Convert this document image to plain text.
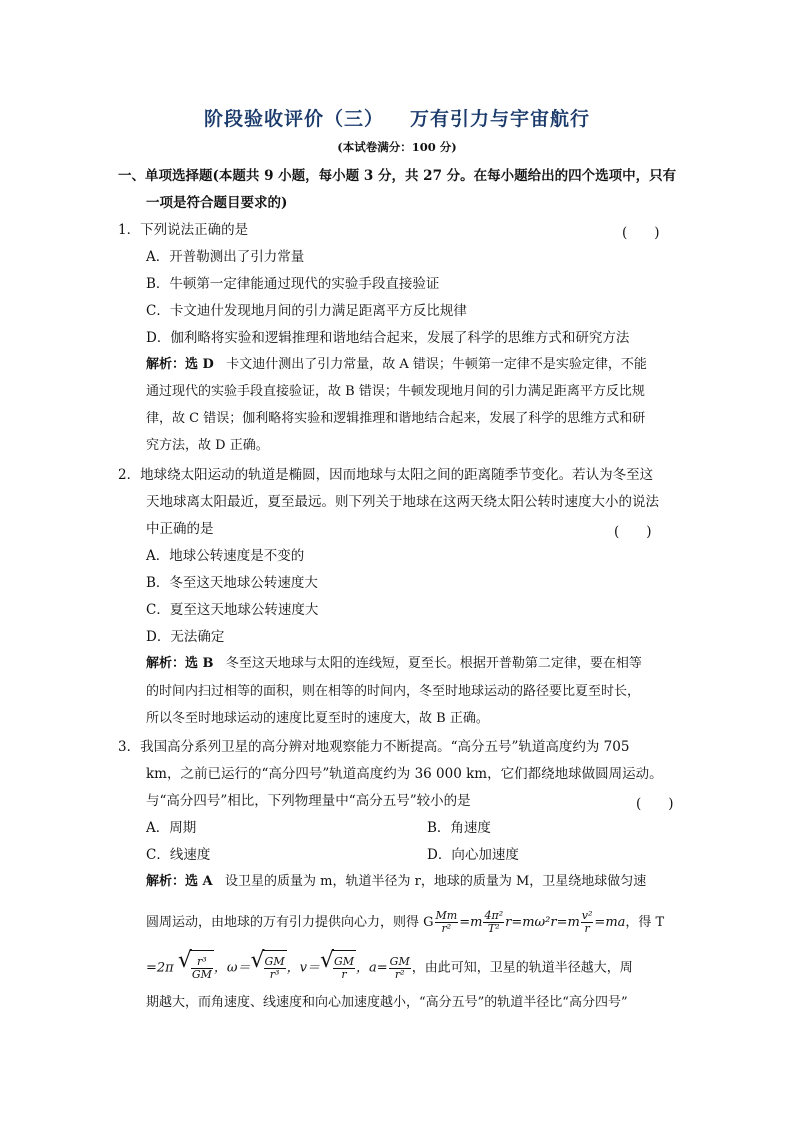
阶段验收评价（三） 万有引力与宇宙航行
(本试卷满分：100 分)
一、单项选择题(本题共 9 小题，每小题 3 分，共 27 分。在每小题给出的四个选项中，只有
一项是符合题目要求的)
1．下列说法正确的是	(　　)
A．开普勒测出了引力常量
B．牛顿第一定律能通过现代的实验手段直接验证
C．卡文迪什发现地月间的引力满足距离平方反比规律
D．伽利略将实验和逻辑推理和谐地结合起来，发展了科学的思维方式和研究方法
解析：选 D 卡文迪什测出了引力常量，故 A 错误；牛顿第一定律不是实验定律，不能
通过现代的实验手段直接验证，故 B 错误；牛顿发现地月间的引力满足距离平方反比规
律，故 C 错误；伽利略将实验和逻辑推理和谐地结合起来，发展了科学的思维方式和研
究方法，故 D 正确。
2．地球绕太阳运动的轨道是椭圆，因而地球与太阳之间的距离随季节变化。若认为冬至这
天地球离太阳最近，夏至最远。则下列关于地球在这两天绕太阳公转时速度大小的说法
中正确的是	(　　)
A．地球公转速度是不变的
B．冬至这天地球公转速度大
C．夏至这天地球公转速度大
D．无法确定
解析：选 B 冬至这天地球与太阳的连线短，夏至长。根据开普勒第二定律，要在相等
的时间内扫过相等的面积，则在相等的时间内，冬至时地球运动的路径要比夏至时长，
所以冬至时地球运动的速度比夏至时的速度大，故 B 正确。
3．我国高分系列卫星的高分辨对地观察能力不断提高。“高分五号”轨道高度约为 705
km，之前已运行的“高分四号”轨道高度约为 36 000 km，它们都绕地球做圆周运动。
与“高分四号”相比，下列物理量中“高分五号”较小的是	(　　)
A．周期	B．角速度
C．线速度	D．向心加速度
解析：选 A 设卫星的质量为 m，轨道半径为 r，地球的质量为 M，卫星绕地球做匀速
圆周运动，由地球的万有引力提供向心力，则得 G $\frac{Mm}{\text{r²}} =m \frac{\text{4π²}}{\text{T²}} r=m\omega^2r=m \frac{\text{v²}}{r} =ma$，得 T
=2π √
$\frac{\text{r³}}{GM}$ ，ω＝ √
$\frac{GM}{\text{r³}}$ ，v＝ √
$\frac{GM}{r}$ ，$a= \frac{GM}{\text{r²}}$ ，由此可知，卫星的轨道半径越大，周
期越大，而角速度、线速度和向心加速度越小，“高分五号”的轨道半径比“高分四号”
